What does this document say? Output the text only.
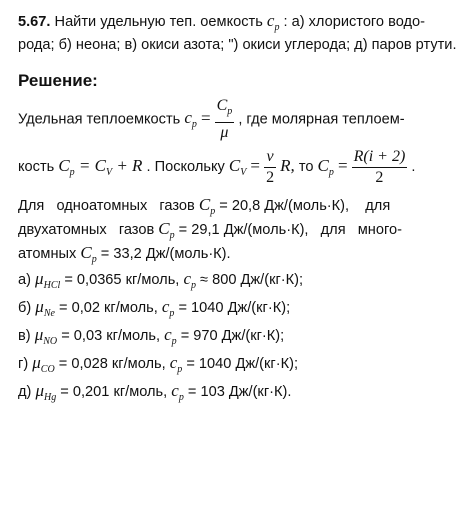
5.67. Найти удельную теп. оемкость $c_p$ : а) хлористого водо-
рода; б) неона; в) окиси азота; ") окиси углерода; д) паров ртути.
Решение:
Удельная теплоемкость $c_p = \frac{C_p}{\mu}$ , где молярная теплоем-
кость $C_p = C_V + R$ . Поскольку $C_V = \frac{\nu}{2} R$, то $C_p = \frac{R(i + 2)}{2}$ .
Для   одноатомных   газов $C_p = 20,8$ Дж/(моль·К), для
двухатомных   газов $C_p = 29,1$ Дж/(моль·К), для   много-
атомных $C_p = 33,2$ Дж/(моль·К).
а) $\mu_{HCl} = 0,0365$ кг/моль, $c_p \approx 800$ Дж/(кг·К);
б) $\mu_{Ne} = 0,02$ кг/моль, $c_p = 1040$ Дж/(кг·К);
в) $\mu_{NO} = 0,03$ кг/моль, $c_p = 970$ Дж/(кг·К);
г) $\mu_{CO} = 0,028$ кг/моль, $c_p = 1040$ Дж/(кг·К);
д) $\mu_{Hg} = 0,201$ кг/моль, $c_p = 103$ Дж/(кг·К).
